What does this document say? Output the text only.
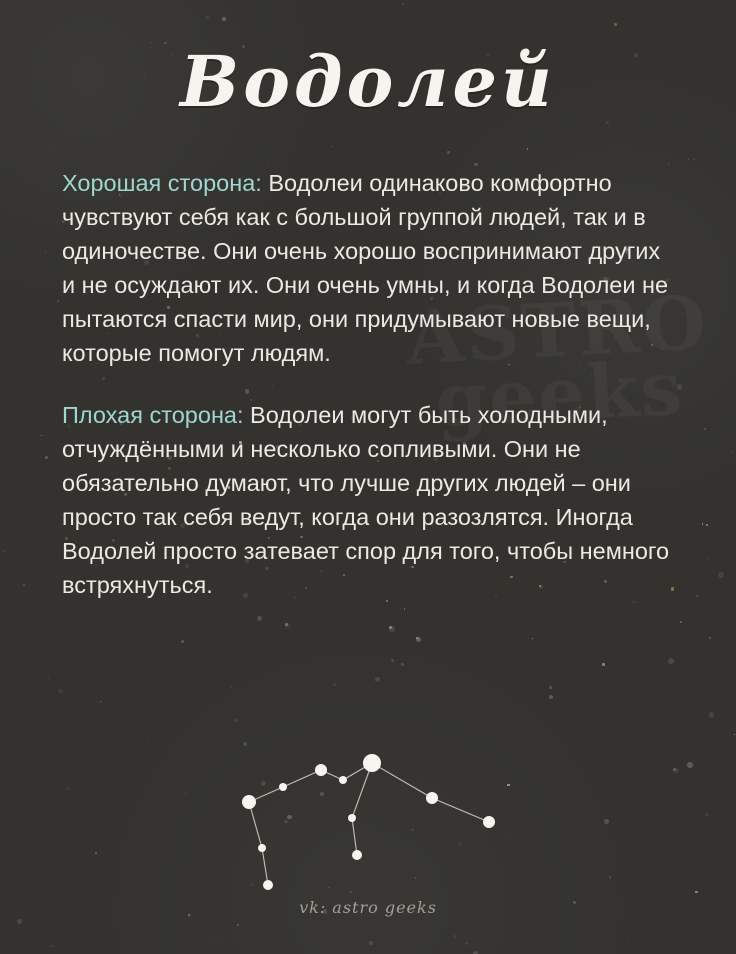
Водолей

Хорошая сторона: Водолеи одинаково комфортно чувствуют себя как с большой группой людей, так и в одиночестве. Они очень хорошо воспринимают других и не осуждают их. Они очень умны, и когда Водолеи не пытаются спасти мир, они придумывают новые вещи, которые помогут людям.

Плохая сторона: Водолеи могут быть холодными, отчуждёнными и несколько сопливыми. Они не обязательно думают, что лучше других людей – они просто так себя ведут, когда они разозлятся. Иногда Водолей просто затевает спор для того, чтобы немного встряхнуться.

vk: astro geeks
